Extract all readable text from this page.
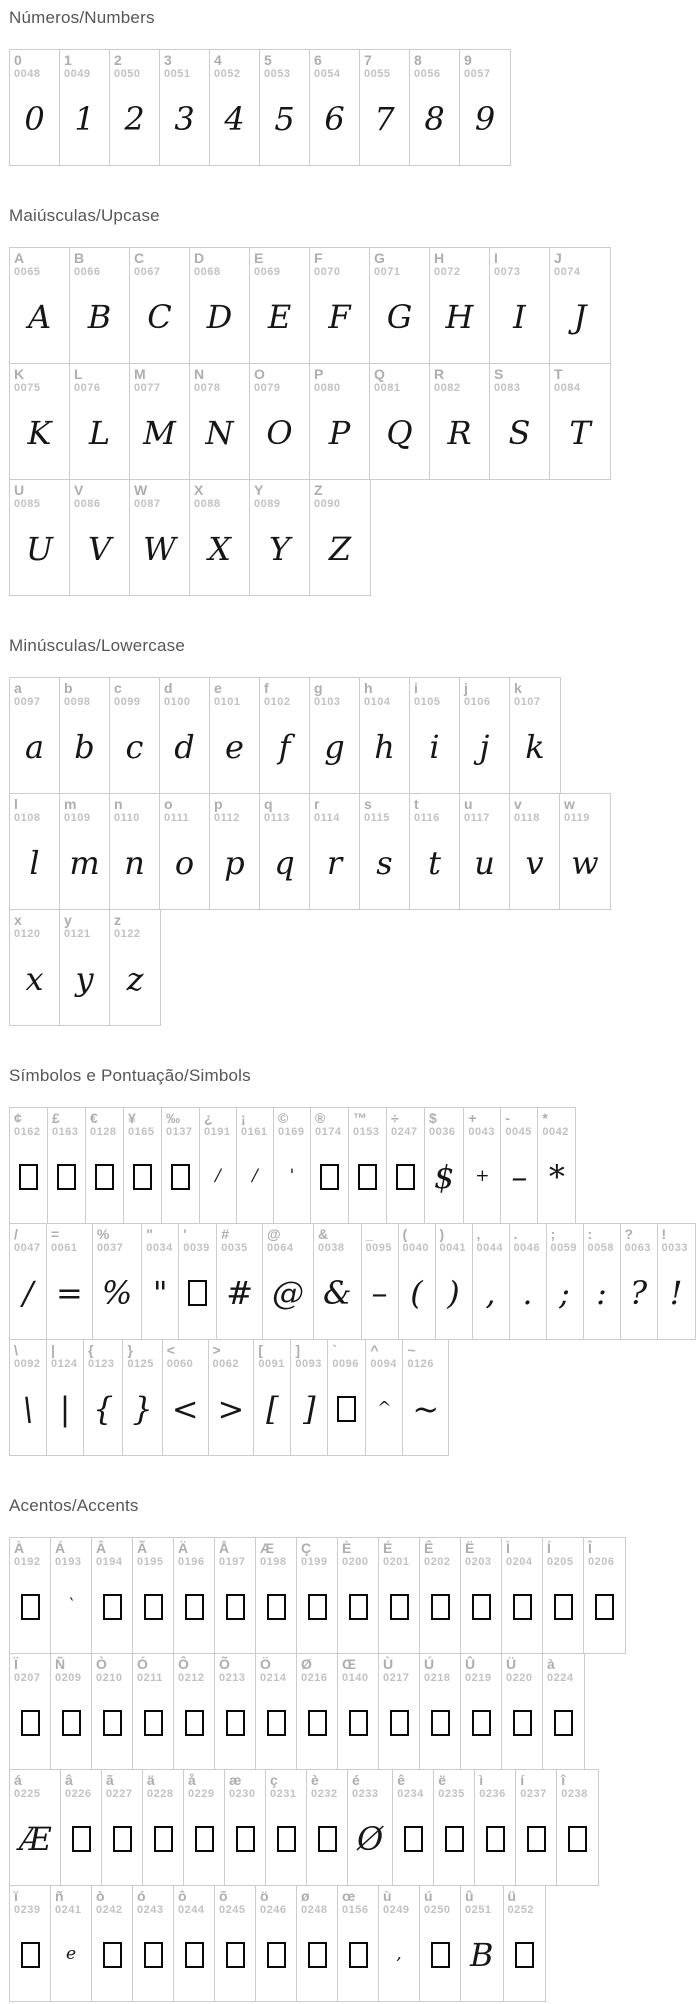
Números/Numbers
0
0048
0
1
0049
1
2
0050
2
3
0051
3
4
0052
4
5
0053
5
6
0054
6
7
0055
7
8
0056
8
9
0057
9
Maiúsculas/Upcase
A
0065
A
B
0066
B
C
0067
C
D
0068
D
E
0069
E
F
0070
F
G
0071
G
H
0072
H
I
0073
I
J
0074
J
K
0075
K
L
0076
L
M
0077
M
N
0078
N
O
0079
O
P
0080
P
Q
0081
Q
R
0082
R
S
0083
S
T
0084
T
U
0085
U
V
0086
V
W
0087
W
X
0088
X
Y
0089
Y
Z
0090
Z
Minúsculas/Lowercase
a
0097
a
b
0098
b
c
0099
c
d
0100
d
e
0101
e
f
0102
f
g
0103
g
h
0104
h
i
0105
i
j
0106
j
k
0107
k
l
0108
l
m
0109
m
n
0110
n
o
0111
o
p
0112
p
q
0113
q
r
0114
r
s
0115
s
t
0116
t
u
0117
u
v
0118
v
w
0119
w
x
0120
x
y
0121
y
z
0122
z
Símbolos e Pontuação/Simbols
¢
0162
£
0163
€
0128
¥
0165
‰
0137
¿
0191
/
¡
0161
/
©
0169
'
®
0174
™
0153
÷
0247
$
0036
$
+
0043
+
-
0045
–
*
0042
*
/
0047
/
=
0061
=
%
0037
%
"
0034
"
'
0039
#
0035
#
@
0064
@
&
0038
&
_
0095
–
(
0040
(
)
0041
)
,
0044
,
.
0046
.
;
0059
;
:
0058
:
?
0063
?
!
0033
!
\
0092
\
|
0124
|
{
0123
{
}
0125
}
<
0060
<
>
0062
>
[
0091
[
]
0093
]
`
0096
^
0094
^
~
0126
~
Acentos/Accents
À
0192
Á
0193
`
Â
0194
Ã
0195
Ä
0196
Å
0197
Æ
0198
Ç
0199
È
0200
É
0201
Ê
0202
Ë
0203
Ì
0204
Í
0205
Î
0206
Ï
0207
Ñ
0209
Ò
0210
Ó
0211
Ô
0212
Õ
0213
Ö
0214
Ø
0216
Œ
0140
Ù
0217
Ú
0218
Û
0219
Ü
0220
à
0224
á
0225
Æ
â
0226
ã
0227
ä
0228
å
0229
æ
0230
ç
0231
è
0232
é
0233
Ø
ê
0234
ë
0235
ì
0236
í
0237
î
0238
ï
0239
ñ
0241
e
ò
0242
ó
0243
ô
0244
õ
0245
ö
0246
ø
0248
œ
0156
ù
0249
,
ú
0250
û
0251
B
ü
0252
